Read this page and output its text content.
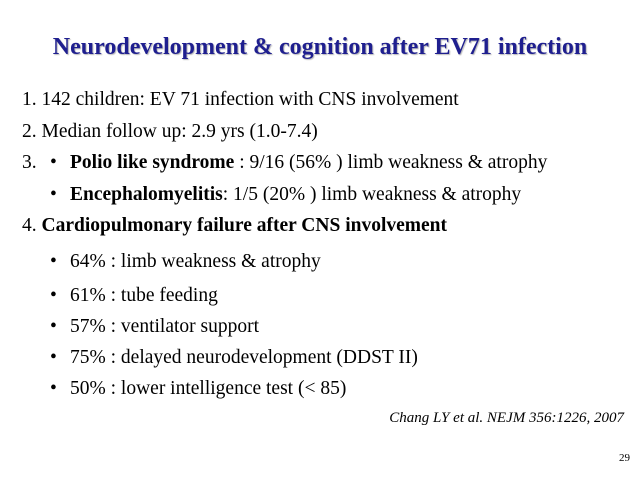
Neurodevelopment & cognition after EV71 infection
1. 142 children: EV 71 infection with CNS involvement
2. Median follow up: 2.9 yrs (1.0-7.4)
3. • Polio like syndrome : 9/16 (56% ) limb weakness & atrophy
• Encephalomyelitis: 1/5 (20% ) limb weakness & atrophy
4. Cardiopulmonary failure after CNS involvement
• 64% : limb weakness & atrophy
• 61% : tube feeding
• 57% : ventilator support
• 75% : delayed neurodevelopment (DDST II)
• 50% : lower intelligence test (< 85)
Chang LY et al. NEJM 356:1226, 2007
29
